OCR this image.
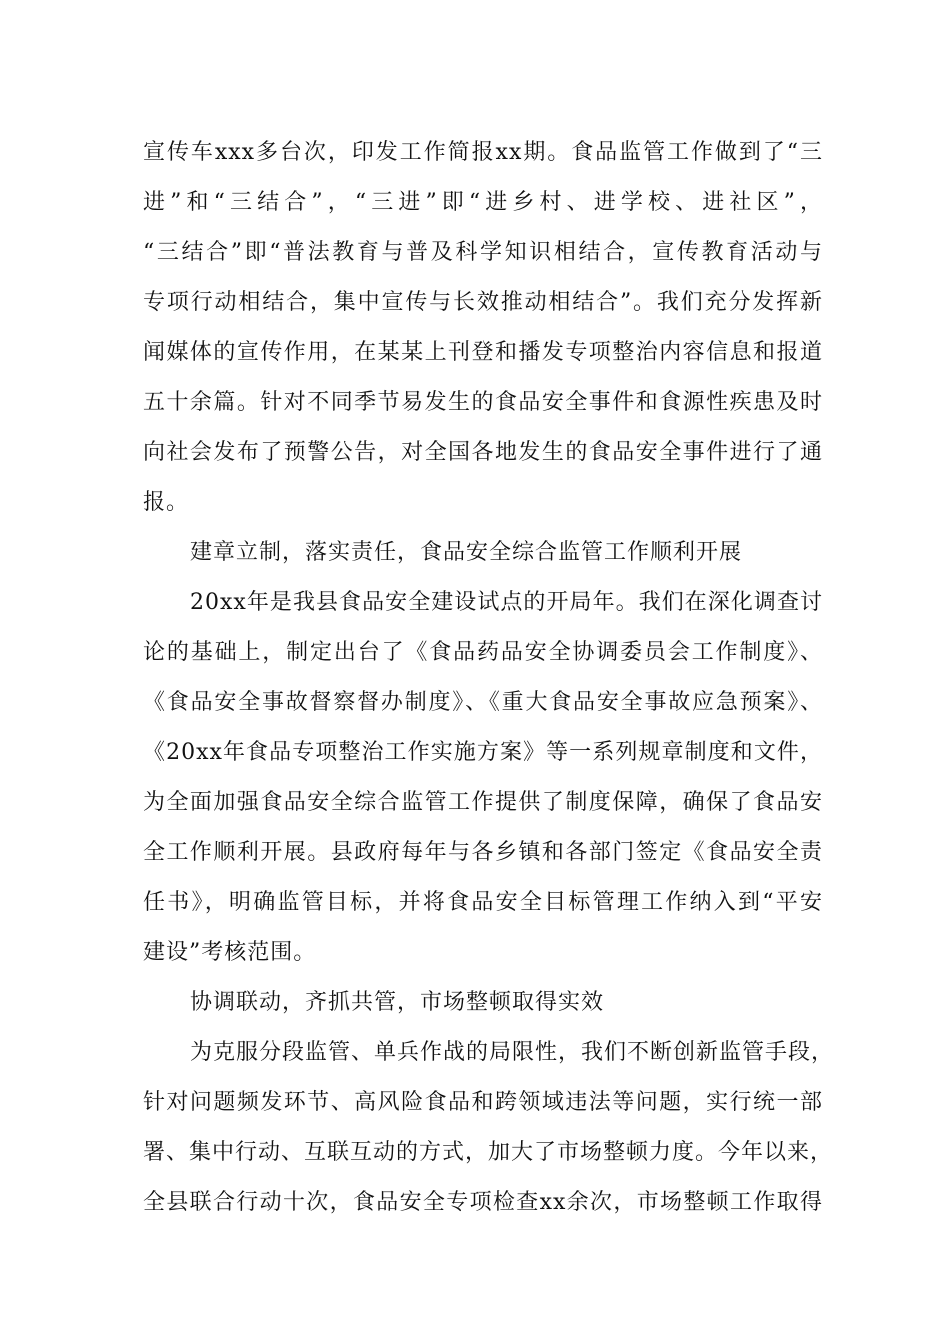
宣传车xxx多台次，印发工作简报xx期。食品监管工作做到了“三
进”和“三结合”，“三进”即“进乡村、进学校、进社区”，
“三结合”即“普法教育与普及科学知识相结合，宣传教育活动与
专项行动相结合，集中宣传与长效推动相结合”。我们充分发挥新
闻媒体的宣传作用，在某某上刊登和播发专项整治内容信息和报道
五十余篇。针对不同季节易发生的食品安全事件和食源性疾患及时
向社会发布了预警公告，对全国各地发生的食品安全事件进行了通
报。
建章立制，落实责任，食品安全综合监管工作顺利开展
20xx年是我县食品安全建设试点的开局年。我们在深化调查讨
论的基础上，制定出台了《食品药品安全协调委员会工作制度》、
《食品安全事故督察督办制度》、《重大食品安全事故应急预案》、
《20xx年食品专项整治工作实施方案》等一系列规章制度和文件，
为全面加强食品安全综合监管工作提供了制度保障，确保了食品安
全工作顺利开展。县政府每年与各乡镇和各部门签定《食品安全责
任书》，明确监管目标，并将食品安全目标管理工作纳入到“平安
建设”考核范围。
协调联动，齐抓共管，市场整顿取得实效
为克服分段监管、单兵作战的局限性，我们不断创新监管手段，
针对问题频发环节、高风险食品和跨领域违法等问题，实行统一部
署、集中行动、互联互动的方式，加大了市场整顿力度。今年以来，
全县联合行动十次，食品安全专项检查xx余次，市场整顿工作取得
